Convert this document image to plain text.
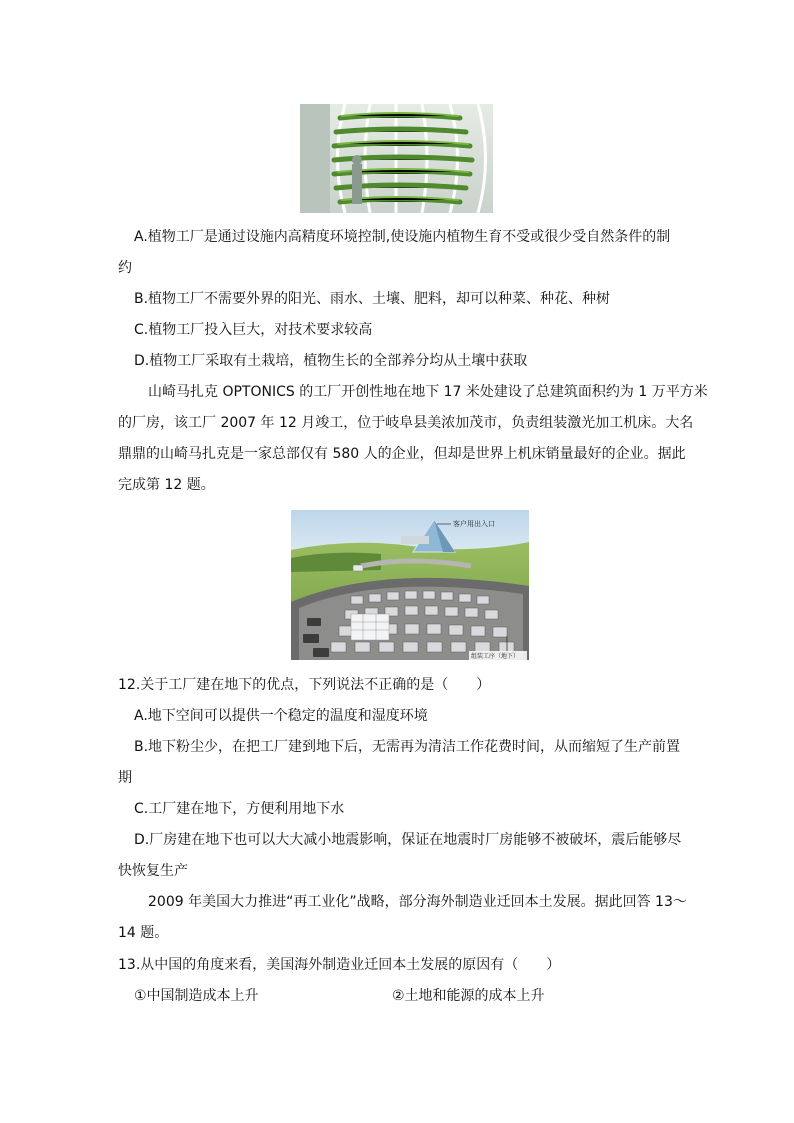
A.植物工厂是通过设施内高精度环境控制,使设施内植物生育不受或很少受自然条件的制
约
B.植物工厂不需要外界的阳光、雨水、土壤、肥料，却可以种菜、种花、种树
C.植物工厂投入巨大，对技术要求较高
D.植物工厂采取有土栽培，植物生长的全部养分均从土壤中获取
山崎马扎克 OPTONICS 的工厂开创性地在地下 17 米处建设了总建筑面积约为 1 万平方米
的厂房，该工厂 2007 年 12 月竣工，位于岐阜县美浓加茂市，负责组装激光加工机床。大名
鼎鼎的山崎马扎克是一家总部仅有 580 人的企业，但却是世界上机床销量最好的企业。据此
完成第 12 题。
客户用出入口
组装工序（地下）
12.关于工厂建在地下的优点，下列说法不正确的是（　　）
A.地下空间可以提供一个稳定的温度和湿度环境
B.地下粉尘少，在把工厂建到地下后，无需再为清洁工作花费时间，从而缩短了生产前置
期
C.工厂建在地下，方便利用地下水
D.厂房建在地下也可以大大减小地震影响，保证在地震时厂房能够不被破坏，震后能够尽
快恢复生产
2009 年美国大力推进“再工业化”战略，部分海外制造业迁回本土发展。据此回答 13～
14 题。
13.从中国的角度来看，美国海外制造业迁回本土发展的原因有（　　）
①中国制造成本上升	②土地和能源的成本上升
